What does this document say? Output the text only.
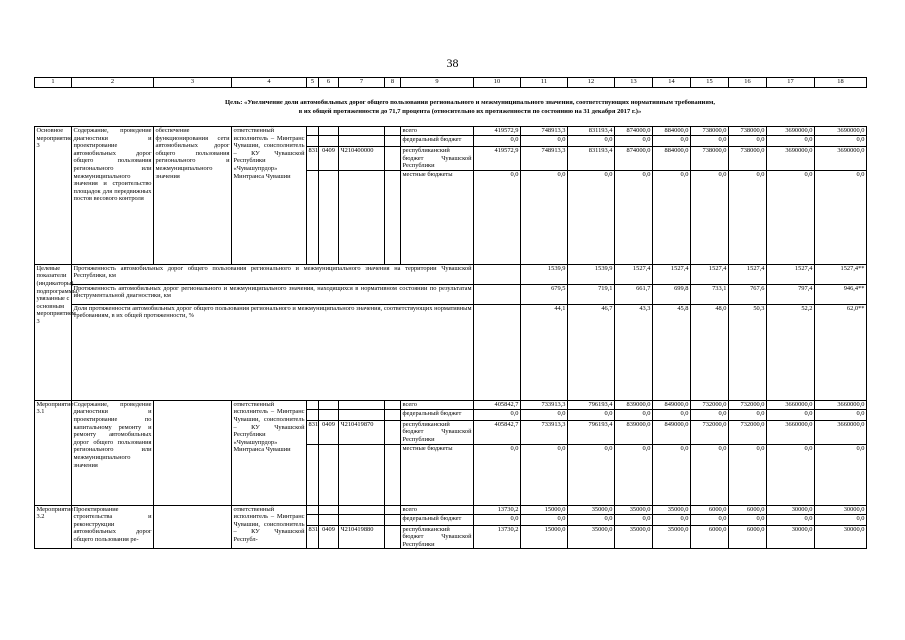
38
1	2	3	4	5	6	7	8	9	10	11	12	13	14	15	16	17	18
Цель: «Увеличение доли автомобильных дорог общего пользования регионального и межмуниципального значения, соответствующих нормативным требованиям,
в их общей протяженности до 71,7 процента (относительно их протяженности по состоянию на 31 декабря 2017 г.)»
Основное мероприятие 3	Содержание, проведение диагностики и проектирование автомобильных дорог общего пользования регионального или межмуниципального значения и строительство площадок для передвижных постов весового контроля	обеспечение функционирования сети автомобильных дорог общего пользования регионального и межмуниципального значения	ответственный исполнитель – Минтранс Чувашии, соисполнитель – КУ Чувашской Республики «Чувашупрдор» Минтранса Чувашии					всего	419572,9	748913,3	831193,4	874000,0	884000,0	738000,0	738000,0	3690000,0	3690000,0	
								федеральный бюджет	0,0	0,0	0,0	0,0	0,0	0,0	0,0	0,0	0,0	
				831	0409	Ч210400000		республиканский бюджет Чувашской Республики	419572,9	748913,3	831193,4	874000,0	884000,0	738000,0	738000,0	3690000,0	3690000,0	
								местные бюджеты	0,0	0,0	0,0	0,0	0,0	0,0	0,0	0,0	0,0	
Целевые показатели (индикаторы) подпрограммы, увязанные с основным мероприятием 3	Протяженность автомобильных дорог общего пользования регионального и межмуниципального значения на территории Чувашской Республики, км									1539,9	1539,9	1527,4	1527,4	1527,4	1527,4	1527,4	1527,4**	
	Протяженность автомобильных дорог регионального и межмуниципального значения, находящихся в нормативном состоянии по результатам инструментальной диагностики, км									679,5	719,1	661,7	699,8	733,1	767,6	797,4	946,4**	
	Доля протяженности автомобильных дорог общего пользования регионального и межмуниципального значения, соответствующих нормативным требованиям, в их общей протяженности, %									44,1	46,7	43,3	45,8	48,0	50,3	52,2	62,0**	
Мероприятие 3.1	Содержание, проведение диагностики и проектирование по капитальному ремонту и ремонту автомобильных дорог общего пользования регионального или межмуниципального значения		ответственный исполнитель – Минтранс Чувашии, соисполнитель – КУ Чувашской Республики «Чувашупрдор» Минтранса Чувашии					всего	405842,7	733913,3	796193,4	839000,0	849000,0	732000,0	732000,0	3660000,0	3660000,0	
								федеральный бюджет	0,0	0,0	0,0	0,0	0,0	0,0	0,0	0,0	0,0	
				831	0409	Ч210419870		республиканский бюджет Чувашской Республики	405842,7	733913,3	796193,4	839000,0	849000,0	732000,0	732000,0	3660000,0	3660000,0	
								местные бюджеты	0,0	0,0	0,0	0,0	0,0	0,0	0,0	0,0	0,0	
Мероприятие 3.2	Проектирование строительства и реконструкции автомобильных дорог общего пользования ре-		ответственный исполнитель – Минтранс Чувашии, соисполнитель – КУ Чувашской Республ-					всего	13730,2	15000,0	35000,0	35000,0	35000,0	6000,0	6000,0	30000,0	30000,0	
								федеральный бюджет	0,0	0,0	0,0	0,0	0,0	0,0	0,0	0,0	0,0	
				831	0409	Ч210419880		республиканский бюджет Чувашской Республики	13730,2	15000,0	35000,0	35000,0	35000,0	6000,0	6000,0	30000,0	30000,0	
